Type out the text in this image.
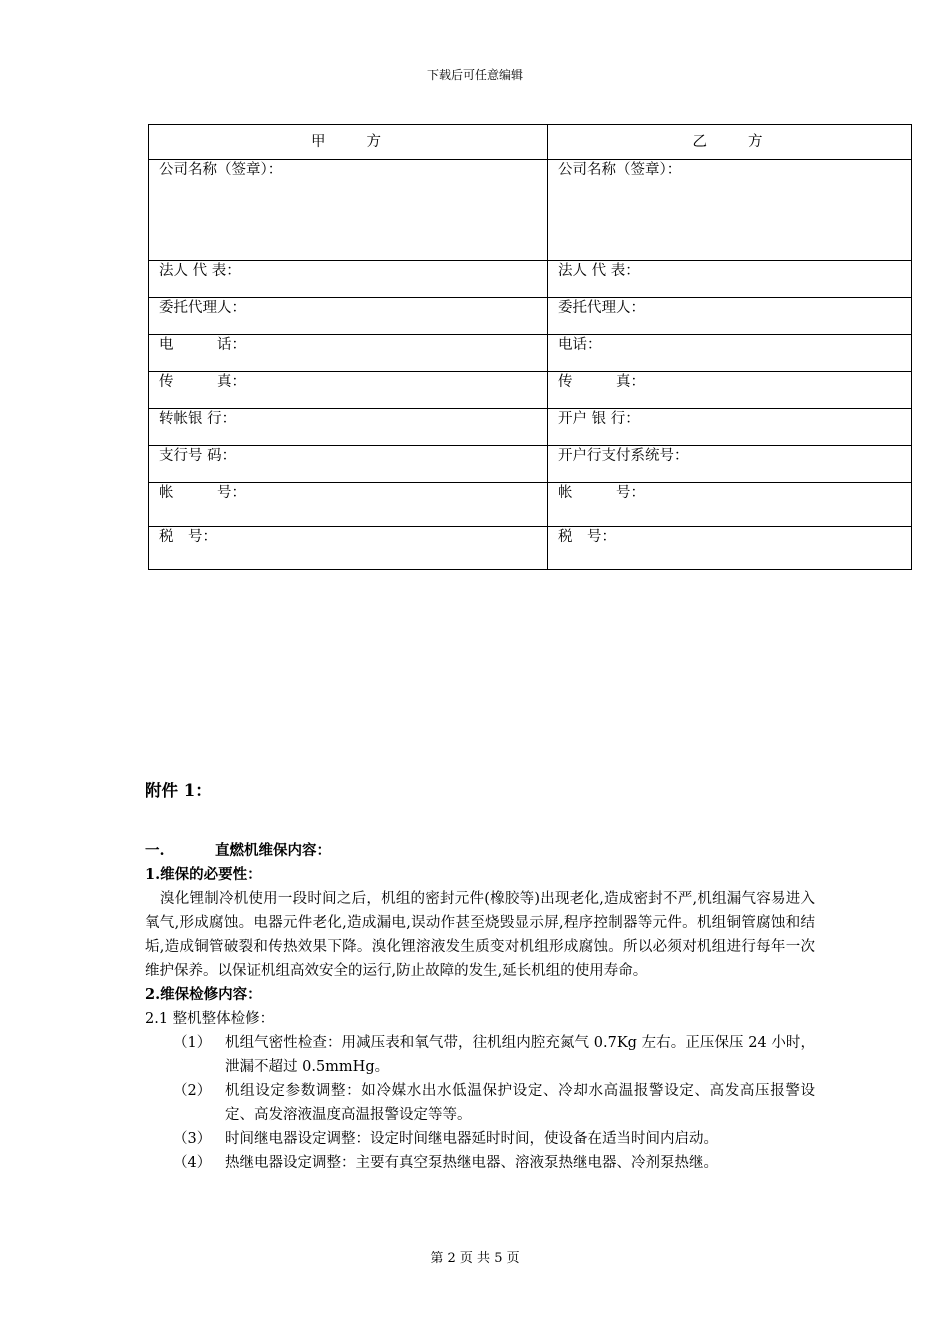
下载后可任意编辑
甲　　方	乙　　方
公司名称（签章）：	公司名称（签章）：
法人 代 表：	法人 代 表：
委托代理人：	委托代理人：
电　　　话：	电话：
传　　　真：	传　　　真：
转帐银 行：	开户 银 行：
支行号 码：	开户行支付系统号：
帐　　　号：	帐　　　号：
税　号：	税　号：

附件 1：

一.	直燃机维保内容：
1.维保的必要性：
溴化锂制冷机使用一段时间之后，机组的密封元件(橡胶等)出现老化,造成密封不严,机组漏气容易进入氧气,形成腐蚀。电器元件老化,造成漏电,误动作甚至烧毁显示屏,程序控制器等元件。机组铜管腐蚀和结垢,造成铜管破裂和传热效果下降。溴化锂溶液发生质变对机组形成腐蚀。所以必须对机组进行每年一次维护保养。以保证机组高效安全的运行,防止故障的发生,延长机组的使用寿命。
2.维保检修内容：
2.1 整机整体检修：
（1） 机组气密性检查：用减压表和氧气带，往机组内腔充氮气 0.7Kg 左右。正压保压 24 小时，泄漏不超过 0.5mmHg。
（2） 机组设定参数调整：如冷媒水出水低温保护设定、冷却水高温报警设定、高发高压报警设定、高发溶液温度高温报警设定等等。
（3） 时间继电器设定调整：设定时间继电器延时时间，使设备在适当时间内启动。
（4） 热继电器设定调整：主要有真空泵热继电器、溶液泵热继电器、冷剂泵热继。
第 2 页 共 5 页
